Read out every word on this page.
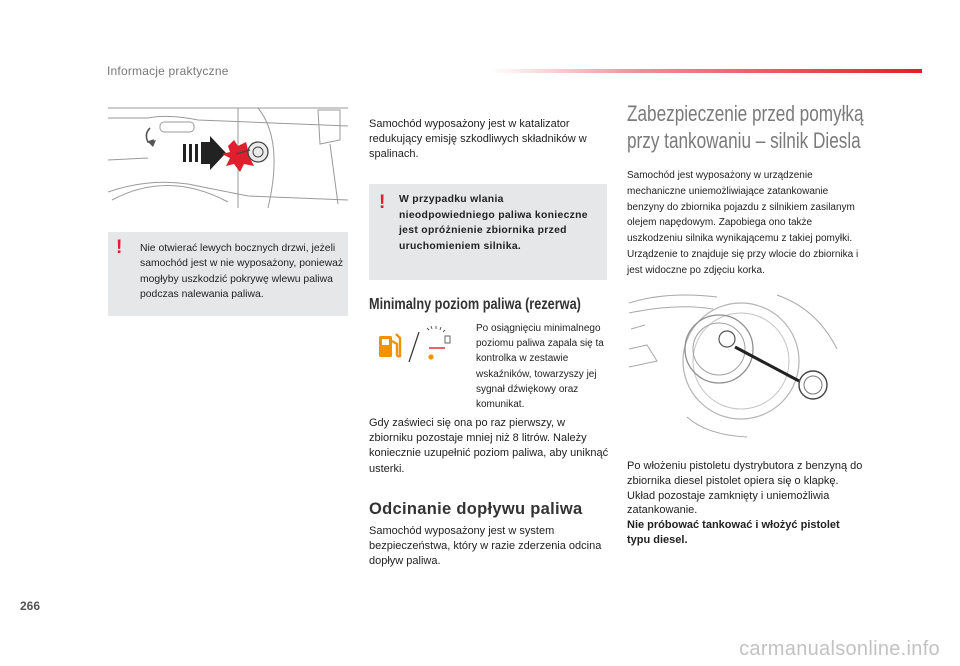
Informacje praktyczne
! Nie otwierać lewych bocznych drzwi, jeżeli samochód jest w nie wyposażony, ponieważ mogłyby uszkodzić pokrywę wlewu paliwa podczas nalewania paliwa.
Samochód wyposażony jest w katalizator redukujący emisję szkodliwych składników w spalinach.
! W przypadku wlania nieodpowiedniego paliwa konieczne jest opróżnienie zbiornika przed uruchomieniem silnika.
Minimalny poziom paliwa (rezerwa)
Po osiągnięciu minimalnego poziomu paliwa zapala się ta kontrolka w zestawie wskaźników, towarzyszy jej sygnał dźwiękowy oraz komunikat.
Gdy zaświeci się ona po raz pierwszy, w zbiorniku pozostaje mniej niż 8 litrów. Należy koniecznie uzupełnić poziom paliwa, aby uniknąć usterki.
Odcinanie dopływu paliwa
Samochód wyposażony jest w system bezpieczeństwa, który w razie zderzenia odcina dopływ paliwa.
Zabezpieczenie przed pomyłką
przy tankowaniu – silnik Diesla
Samochód jest wyposażony w urządzenie mechaniczne uniemożliwiające zatankowanie benzyny do zbiornika pojazdu z silnikiem zasilanym olejem napędowym. Zapobiega ono także uszkodzeniu silnika wynikającemu z takiej pomyłki. Urządzenie to znajduje się przy wlocie do zbiornika i jest widoczne po zdjęciu korka.
Po włożeniu pistoletu dystrybutora z benzyną do zbiornika diesel pistolet opiera się o klapkę. Układ pozostaje zamknięty i uniemożliwia zatankowanie.
Nie próbować tankować i włożyć pistolet typu diesel.
266
carmanualsonline.info
